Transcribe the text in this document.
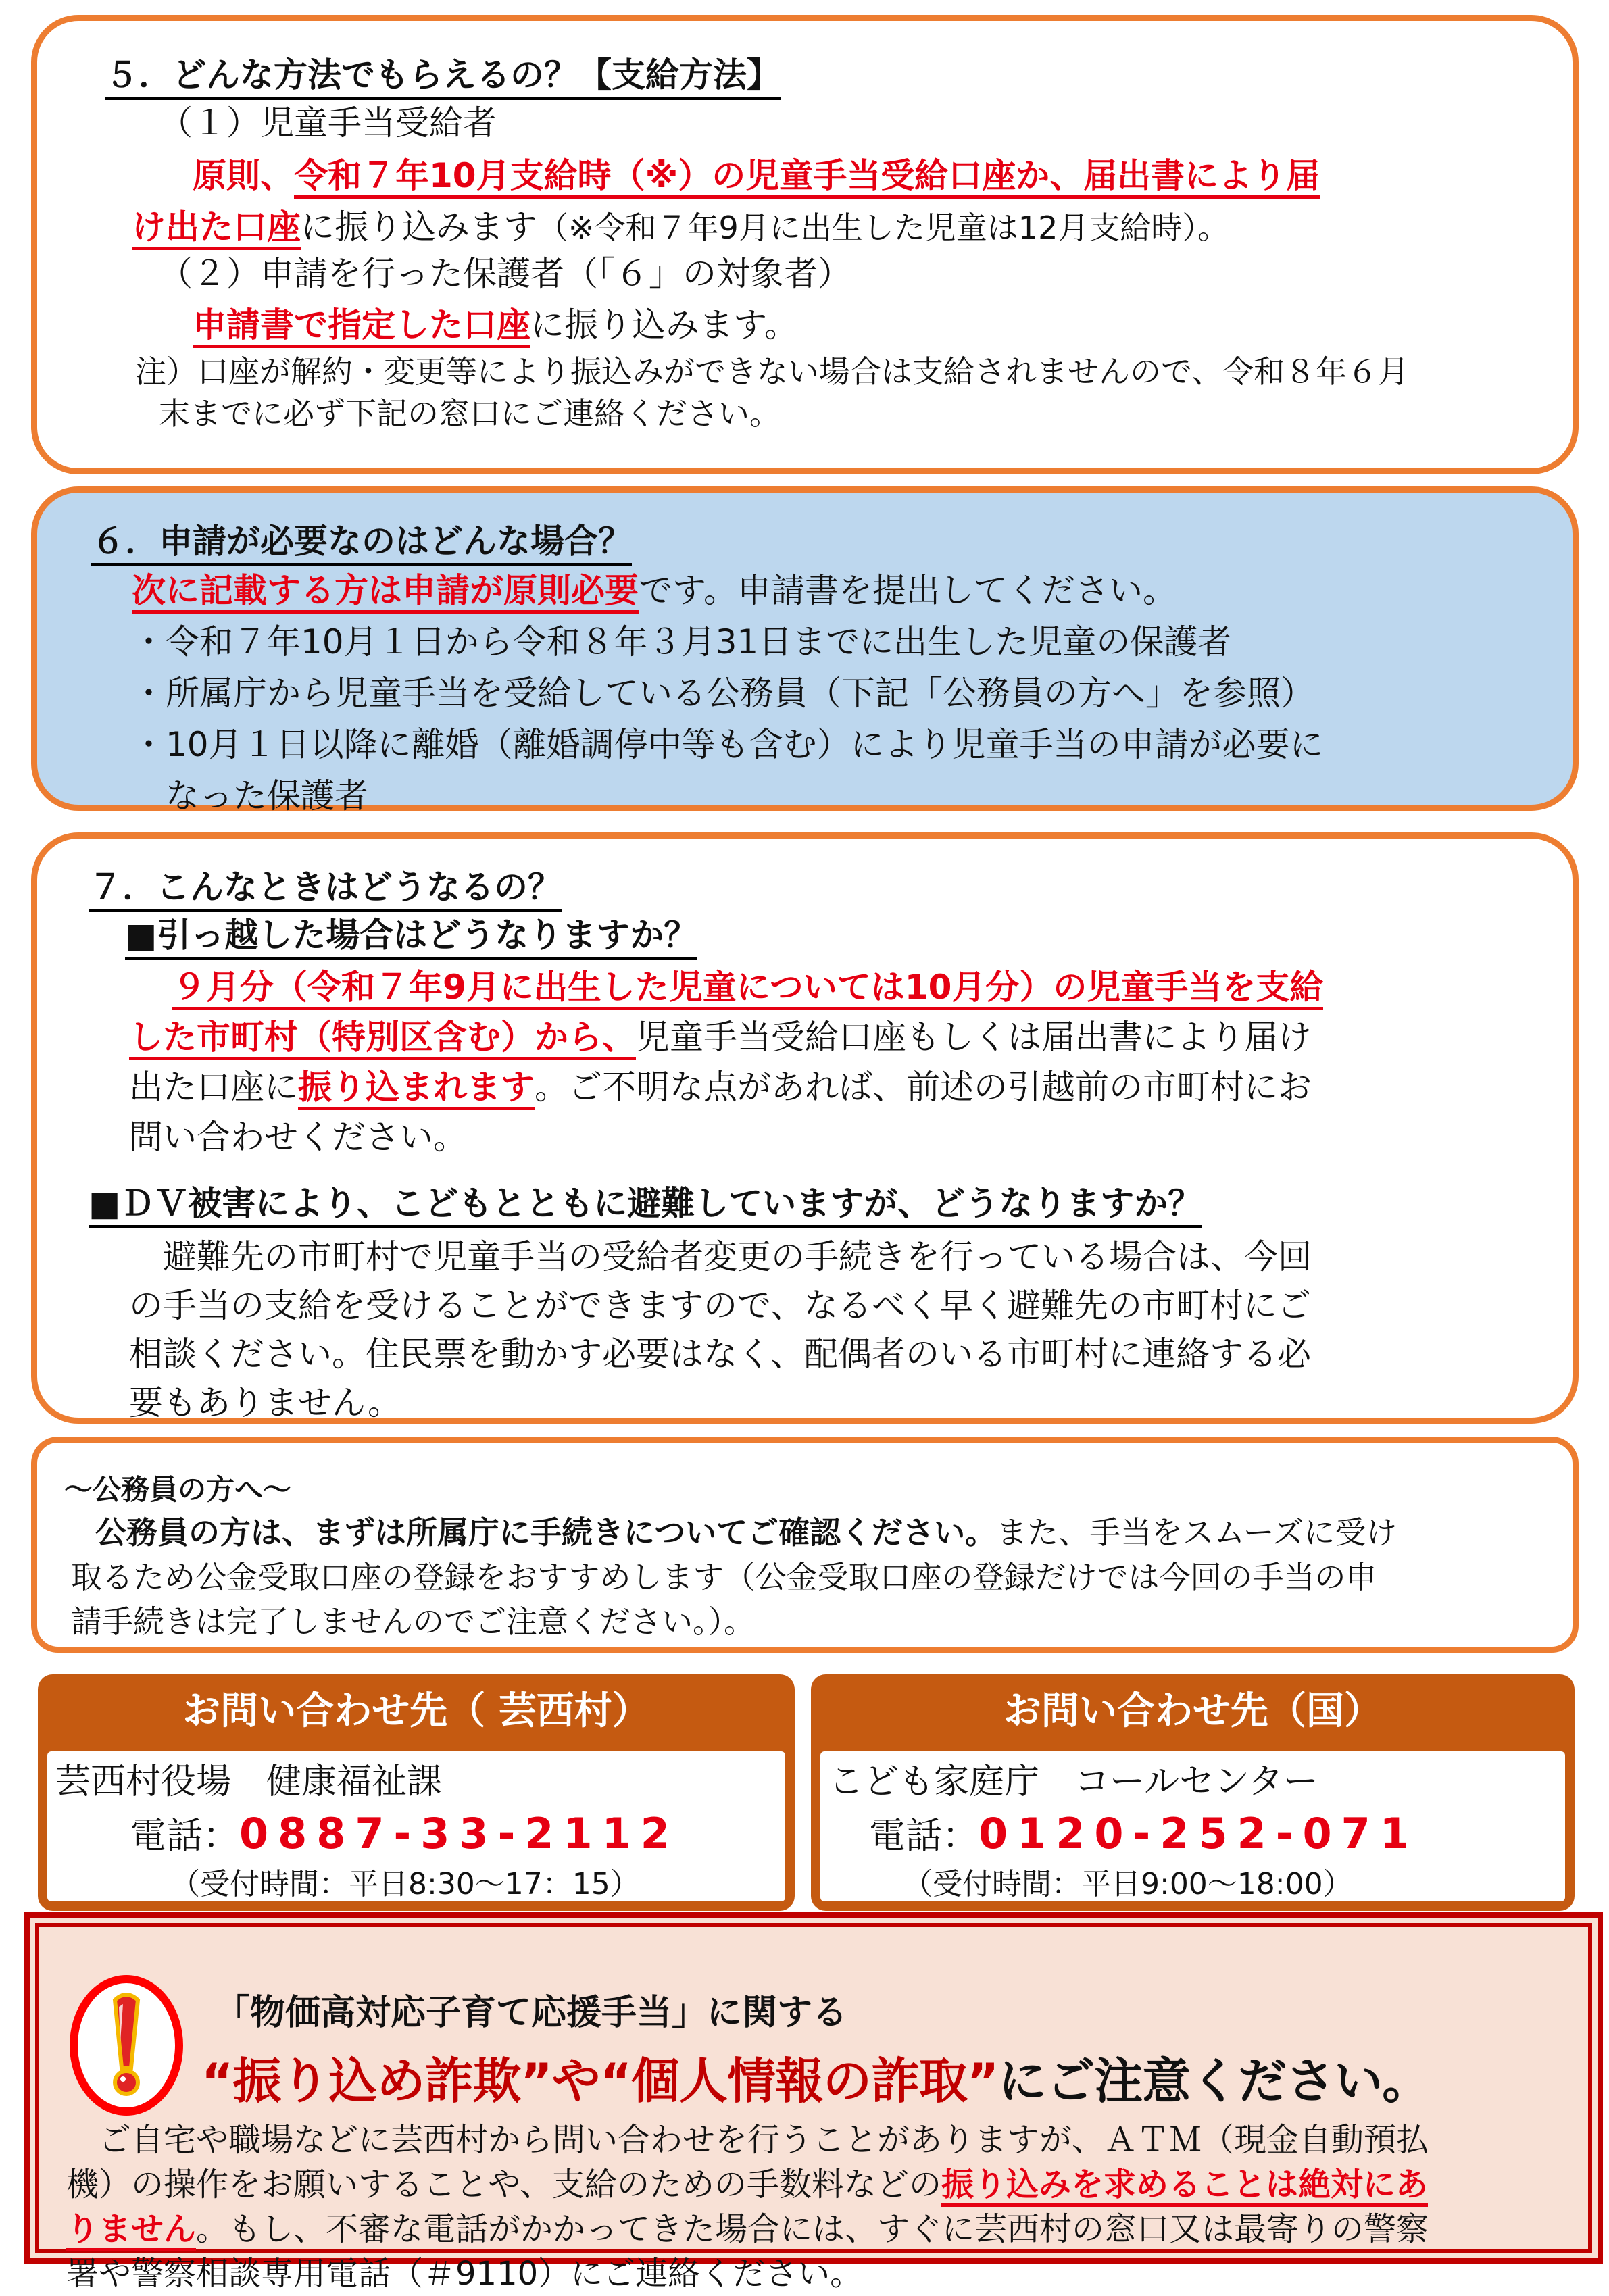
５．どんな方法でもらえるの？【支給方法】
（１）児童手当受給者
原則、令和７年10月支給時（※）の児童手当受給口座か、届出書により届
け出た口座に振り込みます（※令和７年9月に出生した児童は12月支給時）。
（２）申請を行った保護者（「６」の対象者）
申請書で指定した口座に振り込みます。
注）口座が解約・変更等により振込みができない場合は支給されませんので、令和８年６月
末までに必ず下記の窓口にご連絡ください。
６．申請が必要なのはどんな場合？
次に記載する方は申請が原則必要です。申請書を提出してください。
・令和７年10月１日から令和８年３月31日までに出生した児童の保護者
・所属庁から児童手当を受給している公務員（下記「公務員の方へ」を参照）
・10月１日以降に離婚（離婚調停中等も含む）により児童手当の申請が必要に
なった保護者
７．こんなときはどうなるの？
■引っ越した場合はどうなりますか？
９月分（令和７年9月に出生した児童については10月分）の児童手当を支給
した市町村（特別区含む）から、児童手当受給口座もしくは届出書により届け
出た口座に振り込まれます。ご不明な点があれば、前述の引越前の市町村にお
問い合わせください。
■ＤＶ被害により、こどもとともに避難していますが、どうなりますか？
　避難先の市町村で児童手当の受給者変更の手続きを行っている場合は、今回
の手当の支給を受けることができますので、なるべく早く避難先の市町村にご
相談ください。住民票を動かす必要はなく、配偶者のいる市町村に連絡する必
要もありません。
～公務員の方へ～
　公務員の方は、まずは所属庁に手続きについてご確認ください。また、手当をスムーズに受け
取るため公金受取口座の登録をおすすめします（公金受取口座の登録だけでは今回の手当の申
請手続きは完了しませんのでご注意ください。）。
お問い合わせ先（ 芸西村）
芸西村役場　健康福祉課
電話：0887-33-2112
（受付時間：平日8:30～17：15）
お問い合わせ先（国）
こども家庭庁　コールセンター
電話：0120-252-071
（受付時間：平日9:00～18:00）
「物価高対応子育て応援手当」に関する
“振り込め詐欺”や“個人情報の詐取”にご注意ください。
　ご自宅や職場などに芸西村から問い合わせを行うことがありますが、ＡＴＭ（現金自動預払
機）の操作をお願いすることや、支給のための手数料などの振り込みを求めることは絶対にあ
りません。もし、不審な電話がかかってきた場合には、すぐに芸西村の窓口又は最寄りの警察
署や警察相談専用電話（＃9110）にご連絡ください。
